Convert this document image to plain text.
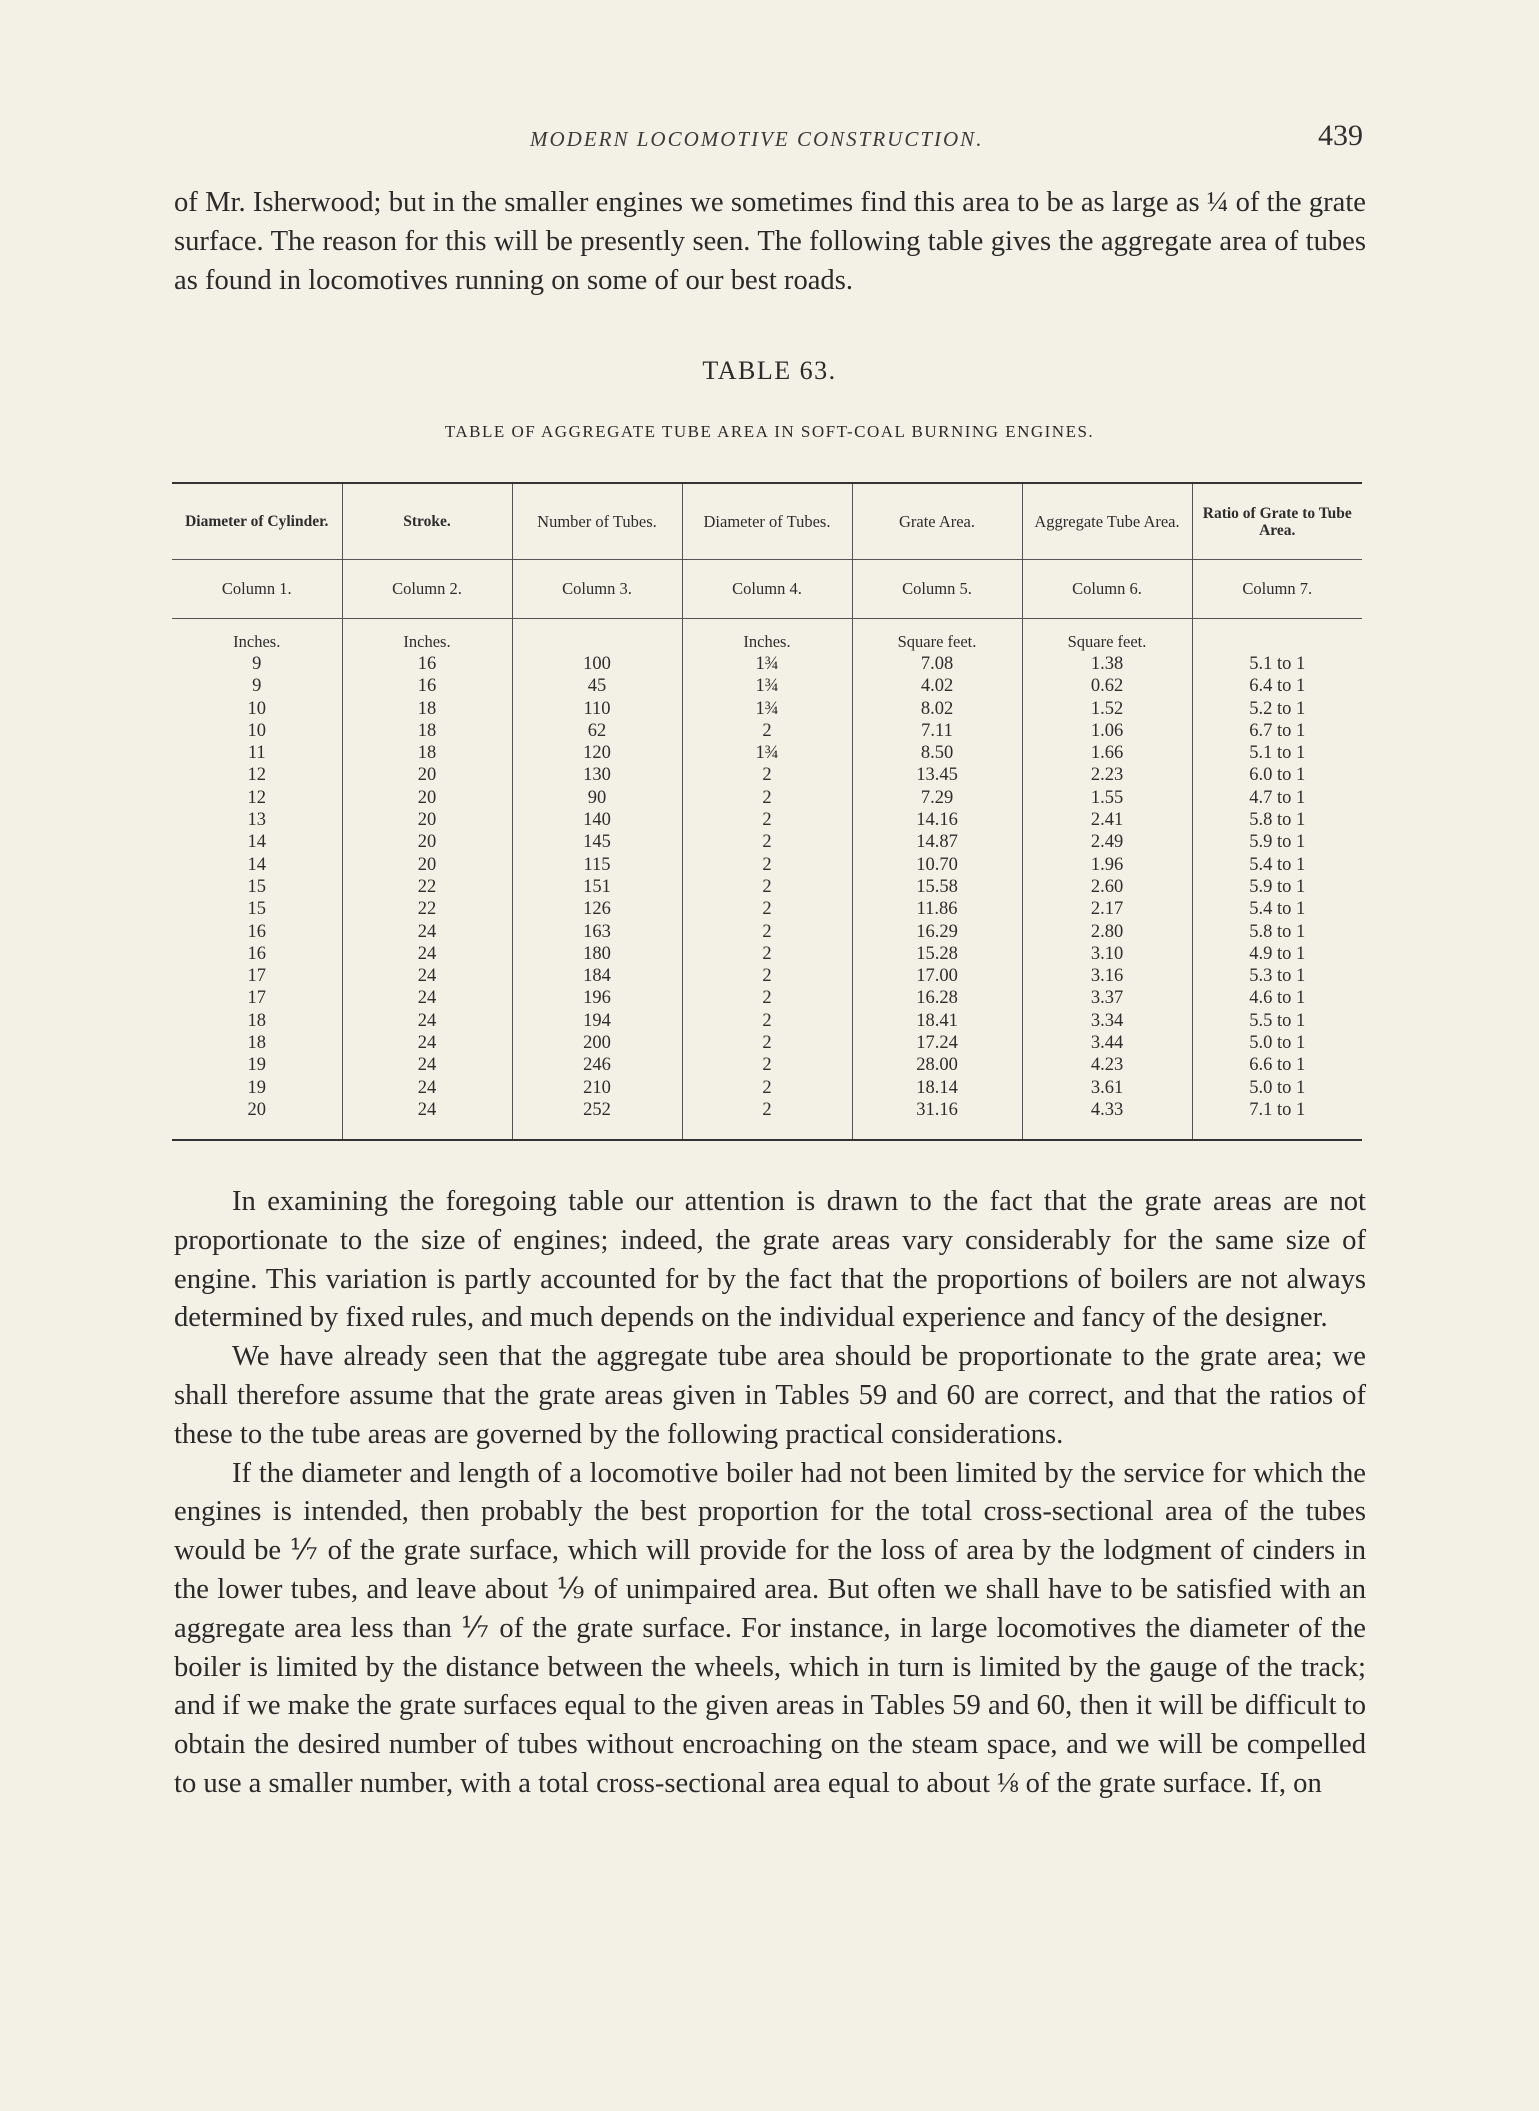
MODERN LOCOMOTIVE CONSTRUCTION.	439

of Mr. Isherwood; but in the smaller engines we sometimes find this area to be as large as ¼ of the grate surface. The reason for this will be presently seen. The following table gives the aggregate area of tubes as found in locomotives running on some of our best roads.

TABLE 63.
TABLE OF AGGREGATE TUBE AREA IN SOFT-COAL BURNING ENGINES.
Diameter of Cylinder.	Stroke.	Number of Tubes.	Diameter of Tubes.	Grate Area.	Aggregate Tube Area.	Ratio of Grate to Tube Area.
Column 1.	Column 2.	Column 3.	Column 4.	Column 5.	Column 6.	Column 7.
Inches.	Inches.		Inches.	Square feet.	Square feet.	
9	16	100	1¾	7.08	1.38	5.1 to 1
9	16	45	1¾	4.02	0.62	6.4 to 1
10	18	110	1¾	8.02	1.52	5.2 to 1
10	18	62	2	7.11	1.06	6.7 to 1
11	18	120	1¾	8.50	1.66	5.1 to 1
12	20	130	2	13.45	2.23	6.0 to 1
12	20	90	2	7.29	1.55	4.7 to 1
13	20	140	2	14.16	2.41	5.8 to 1
14	20	145	2	14.87	2.49	5.9 to 1
14	20	115	2	10.70	1.96	5.4 to 1
15	22	151	2	15.58	2.60	5.9 to 1
15	22	126	2	11.86	2.17	5.4 to 1
16	24	163	2	16.29	2.80	5.8 to 1
16	24	180	2	15.28	3.10	4.9 to 1
17	24	184	2	17.00	3.16	5.3 to 1
17	24	196	2	16.28	3.37	4.6 to 1
18	24	194	2	18.41	3.34	5.5 to 1
18	24	200	2	17.24	3.44	5.0 to 1
19	24	246	2	28.00	4.23	6.6 to 1
19	24	210	2	18.14	3.61	5.0 to 1
20	24	252	2	31.16	4.33	7.1 to 1

In examining the foregoing table our attention is drawn to the fact that the grate areas are not proportionate to the size of engines; indeed, the grate areas vary considerably for the same size of engine. This variation is partly accounted for by the fact that the proportions of boilers are not always determined by fixed rules, and much depends on the individual experience and fancy of the designer.

We have already seen that the aggregate tube area should be proportionate to the grate area; we shall therefore assume that the grate areas given in Tables 59 and 60 are correct, and that the ratios of these to the tube areas are governed by the following practical considerations.

If the diameter and length of a locomotive boiler had not been limited by the service for which the engines is intended, then probably the best proportion for the total cross-sectional area of the tubes would be ⅐ of the grate surface, which will provide for the loss of area by the lodgment of cinders in the lower tubes, and leave about ⅑ of unimpaired area. But often we shall have to be satisfied with an aggregate area less than ⅐ of the grate surface. For instance, in large locomotives the diameter of the boiler is limited by the distance between the wheels, which in turn is limited by the gauge of the track; and if we make the grate surfaces equal to the given areas in Tables 59 and 60, then it will be difficult to obtain the desired number of tubes without encroaching on the steam space, and we will be compelled to use a smaller number, with a total cross-sectional area equal to about ⅛ of the grate surface. If, on
